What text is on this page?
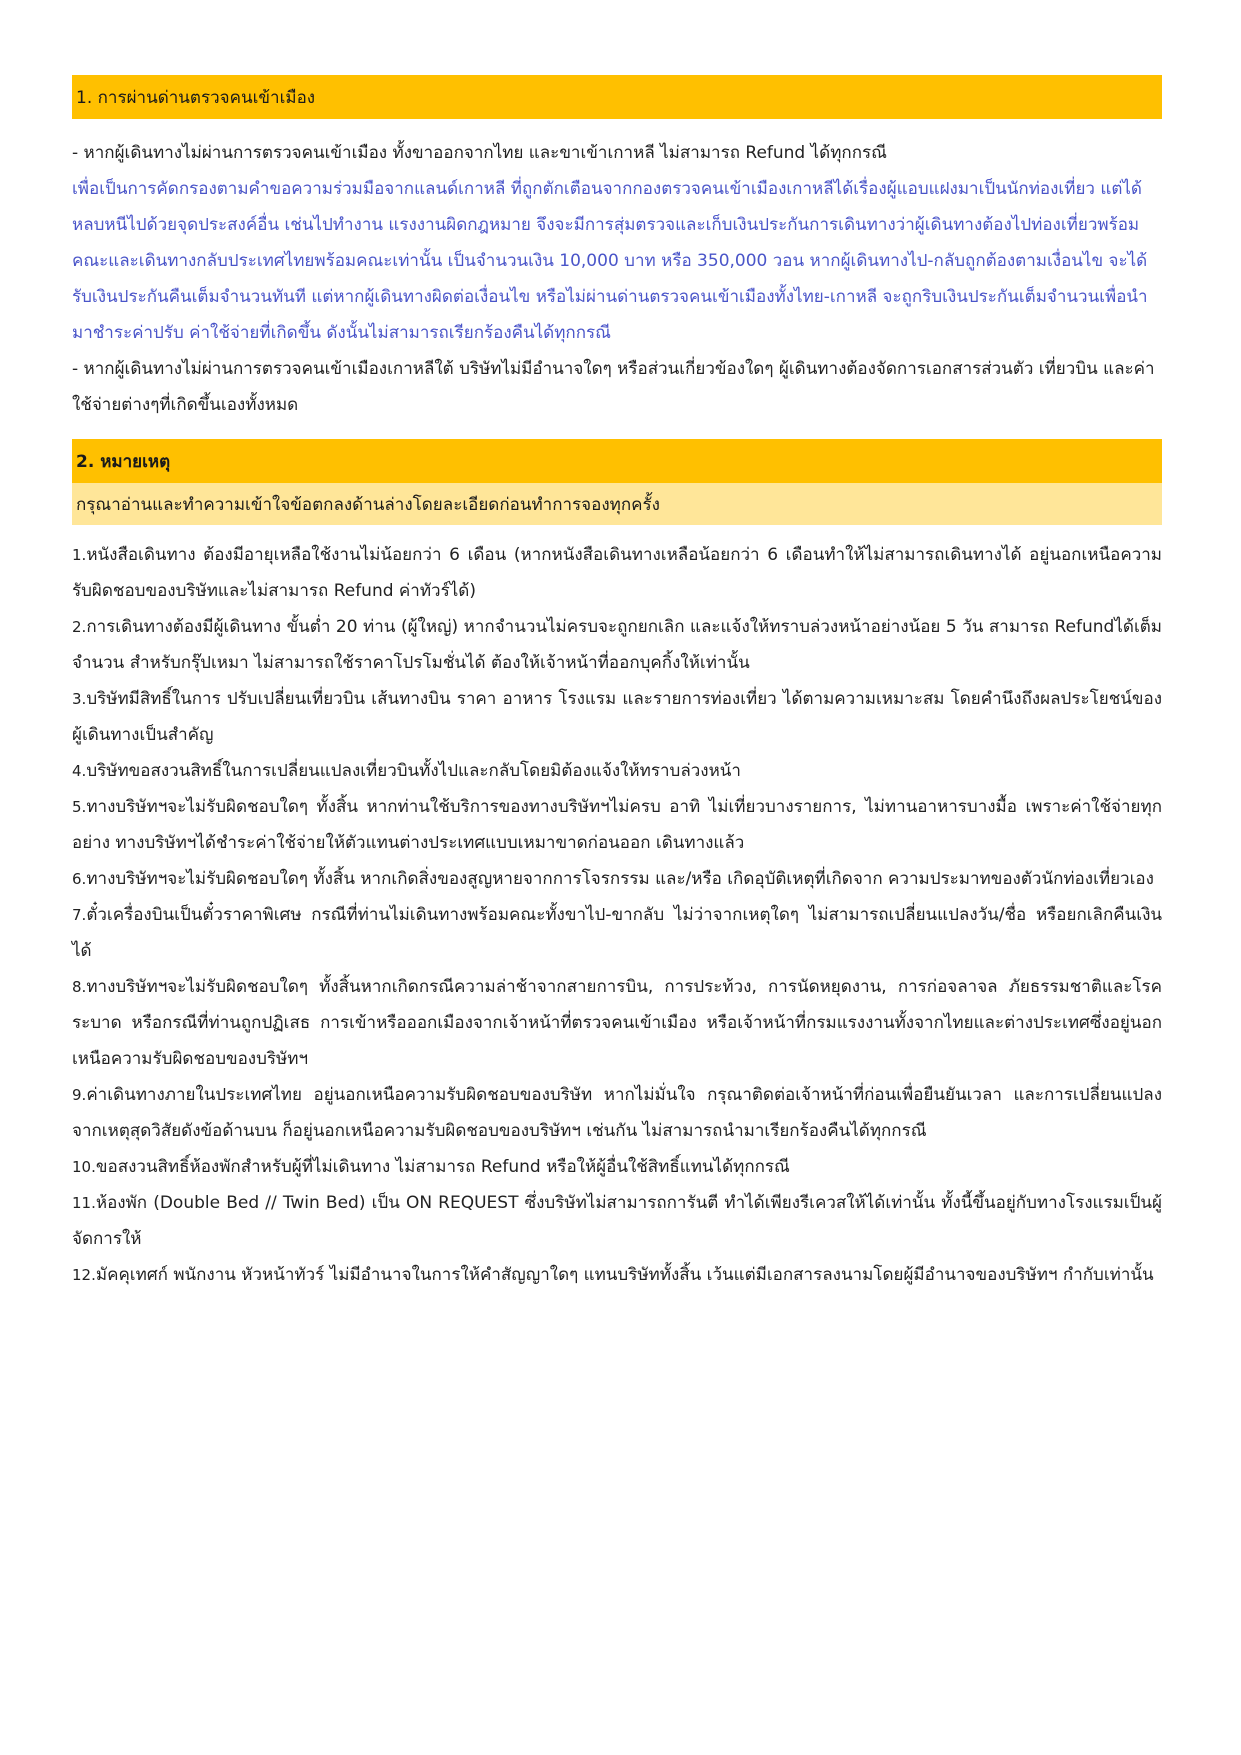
1. การผ่านด่านตรวจคนเข้าเมือง

- หากผู้เดินทางไม่ผ่านการตรวจคนเข้าเมือง ทั้งขาออกจากไทย และขาเข้าเกาหลี ไม่สามารถ Refund ได้ทุกกรณี

เพื่อเป็นการคัดกรองตามคำขอความร่วมมือจากแลนด์เกาหลี ที่ถูกตักเตือนจากกองตรวจคนเข้าเมืองเกาหลีได้เรื่องผู้แอบแฝงมาเป็นนักท่องเที่ยว แต่ได้หลบหนีไปด้วยจุดประสงค์อื่น เช่นไปทำงาน แรงงานผิดกฎหมาย จึงจะมีการสุ่มตรวจและเก็บเงินประกันการเดินทางว่าผู้เดินทางต้องไปท่องเที่ยวพร้อมคณะและเดินทางกลับประเทศไทยพร้อมคณะเท่านั้น เป็นจำนวนเงิน 10,000 บาท หรือ 350,000 วอน หากผู้เดินทางไป-กลับถูกต้องตามเงื่อนไข จะได้รับเงินประกันคืนเต็มจำนวนทันที แต่หากผู้เดินทางผิดต่อเงื่อนไข หรือไม่ผ่านด่านตรวจคนเข้าเมืองทั้งไทย-เกาหลี จะถูกริบเงินประกันเต็มจำนวนเพื่อนำมาชำระค่าปรับ ค่าใช้จ่ายที่เกิดขึ้น ดังนั้นไม่สามารถเรียกร้องคืนได้ทุกกรณี

- หากผู้เดินทางไม่ผ่านการตรวจคนเข้าเมืองเกาหลีใต้ บริษัทไม่มีอำนาจใดๆ หรือส่วนเกี่ยวข้องใดๆ ผู้เดินทางต้องจัดการเอกสารส่วนตัว เที่ยวบิน และค่าใช้จ่ายต่างๆที่เกิดขึ้นเองทั้งหมด

2. หมายเหตุ
กรุณาอ่านและทำความเข้าใจข้อตกลงด้านล่างโดยละเอียดก่อนทำการจองทุกครั้ง

1.หนังสือเดินทาง ต้องมีอายุเหลือใช้งานไม่น้อยกว่า 6 เดือน (หากหนังสือเดินทางเหลือน้อยกว่า 6 เดือนทำให้ไม่สามารถเดินทางได้ อยู่นอกเหนือความรับผิดชอบของบริษัทและไม่สามารถ Refund ค่าทัวร์ได้)

2.การเดินทางต้องมีผู้เดินทาง ขั้นต่ำ 20 ท่าน (ผู้ใหญ่) หากจำนวนไม่ครบจะถูกยกเลิก และแจ้งให้ทราบล่วงหน้าอย่างน้อย 5 วัน สามารถ Refundได้เต็มจำนวน สำหรับกรุ๊ปเหมา ไม่สามารถใช้ราคาโปรโมชั่นได้ ต้องให้เจ้าหน้าที่ออกบุคกิ้งให้เท่านั้น

3.บริษัทมีสิทธิ์ในการ ปรับเปลี่ยนเที่ยวบิน เส้นทางบิน ราคา อาหาร โรงแรม และรายการท่องเที่ยว ได้ตามความเหมาะสม โดยคำนึงถึงผลประโยชน์ของผู้เดินทางเป็นสำคัญ

4.บริษัทขอสงวนสิทธิ์ในการเปลี่ยนแปลงเที่ยวบินทั้งไปและกลับโดยมิต้องแจ้งให้ทราบล่วงหน้า

5.ทางบริษัทฯจะไม่รับผิดชอบใดๆ ทั้งสิ้น หากท่านใช้บริการของทางบริษัทฯไม่ครบ อาทิ ไม่เที่ยวบางรายการ, ไม่ทานอาหารบางมื้อ เพราะค่าใช้จ่ายทุกอย่าง ทางบริษัทฯได้ชำระค่าใช้จ่ายให้ตัวแทนต่างประเทศแบบเหมาขาดก่อนออก เดินทางแล้ว

6.ทางบริษัทฯจะไม่รับผิดชอบใดๆ ทั้งสิ้น หากเกิดสิ่งของสูญหายจากการโจรกรรม และ/หรือ เกิดอุบัติเหตุที่เกิดจาก ความประมาทของตัวนักท่องเที่ยวเอง

7.ตั๋วเครื่องบินเป็นตั๋วราคาพิเศษ กรณีที่ท่านไม่เดินทางพร้อมคณะทั้งขาไป-ขากลับ ไม่ว่าจากเหตุใดๆ ไม่สามารถเปลี่ยนแปลงวัน/ชื่อ หรือยกเลิกคืนเงินได้

8.ทางบริษัทฯจะไม่รับผิดชอบใดๆ ทั้งสิ้นหากเกิดกรณีความล่าช้าจากสายการบิน, การประท้วง, การนัดหยุดงาน, การก่อจลาจล ภัยธรรมชาติและโรคระบาด หรือกรณีที่ท่านถูกปฏิเสธ การเข้าหรือออกเมืองจากเจ้าหน้าที่ตรวจคนเข้าเมือง หรือเจ้าหน้าที่กรมแรงงานทั้งจากไทยและต่างประเทศซึ่งอยู่นอกเหนือความรับผิดชอบของบริษัทฯ

9.ค่าเดินทางภายในประเทศไทย อยู่นอกเหนือความรับผิดชอบของบริษัท หากไม่มั่นใจ กรุณาติดต่อเจ้าหน้าที่ก่อนเพื่อยืนยันเวลา และการเปลี่ยนแปลงจากเหตุสุดวิสัยดังข้อด้านบน ก็อยู่นอกเหนือความรับผิดชอบของบริษัทฯ เช่นกัน ไม่สามารถนำมาเรียกร้องคืนได้ทุกกรณี

10.ขอสงวนสิทธิ์ห้องพักสำหรับผู้ที่ไม่เดินทาง ไม่สามารถ Refund หรือให้ผู้อื่นใช้สิทธิ์แทนได้ทุกกรณี

11.ห้องพัก (Double Bed // Twin Bed) เป็น ON REQUEST ซึ่งบริษัทไม่สามารถการันตี ทำได้เพียงรีเควสให้ได้เท่านั้น ทั้งนี้ขึ้นอยู่กับทางโรงแรมเป็นผู้จัดการให้

12.มัคคุเทศก์ พนักงาน หัวหน้าทัวร์ ไม่มีอำนาจในการให้คำสัญญาใดๆ แทนบริษัททั้งสิ้น เว้นแต่มีเอกสารลงนามโดยผู้มีอำนาจของบริษัทฯ กำกับเท่านั้น
